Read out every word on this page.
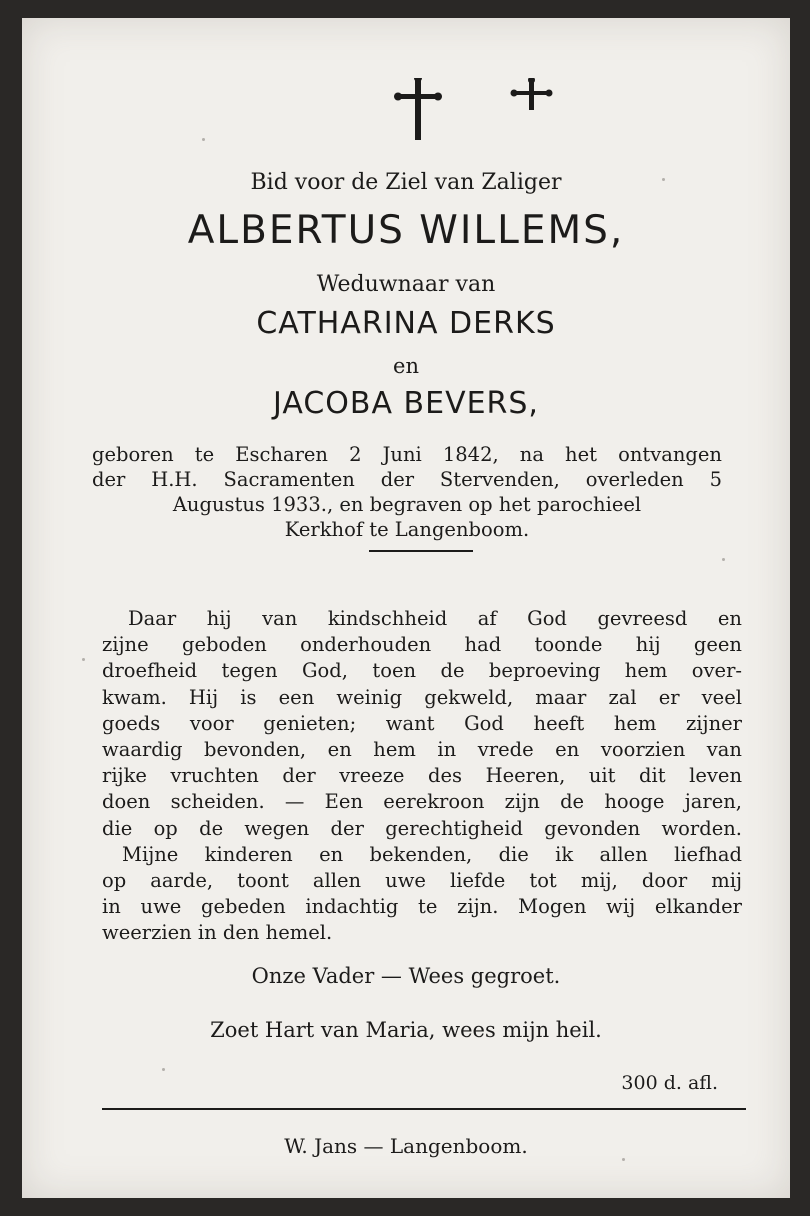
Bid voor de Ziel van Zaliger
ALBERTUS WILLEMS,
Weduwnaar van
CATHARINA DERKS
en
JACOBA BEVERS,
geboren te Escharen 2 Juni 1842, na het ontvangen
der H.H. Sacramenten der Stervenden, overleden 5
Augustus 1933., en begraven op het parochieel
Kerkhof te Langenboom.
Daar hij van kindschheid af God gevreesd en
zijne geboden onderhouden had toonde hij geen
droefheid tegen God, toen de beproeving hem over-
kwam. Hij is een weinig gekweld, maar zal er veel
goeds voor genieten; want God heeft hem zijner
waardig bevonden, en hem in vrede en voorzien van
rijke vruchten der vreeze des Heeren, uit dit leven
doen scheiden. — Een eerekroon zijn de hooge jaren,
die op de wegen der gerechtigheid gevonden worden.
Mijne kinderen en bekenden, die ik allen liefhad
op aarde, toont allen uwe liefde tot mij, door mij
in uwe gebeden indachtig te zijn. Mogen wij elkander
weerzien in den hemel.
Onze Vader — Wees gegroet.
Zoet Hart van Maria, wees mijn heil.
300 d. afl.
W. Jans — Langenboom.
